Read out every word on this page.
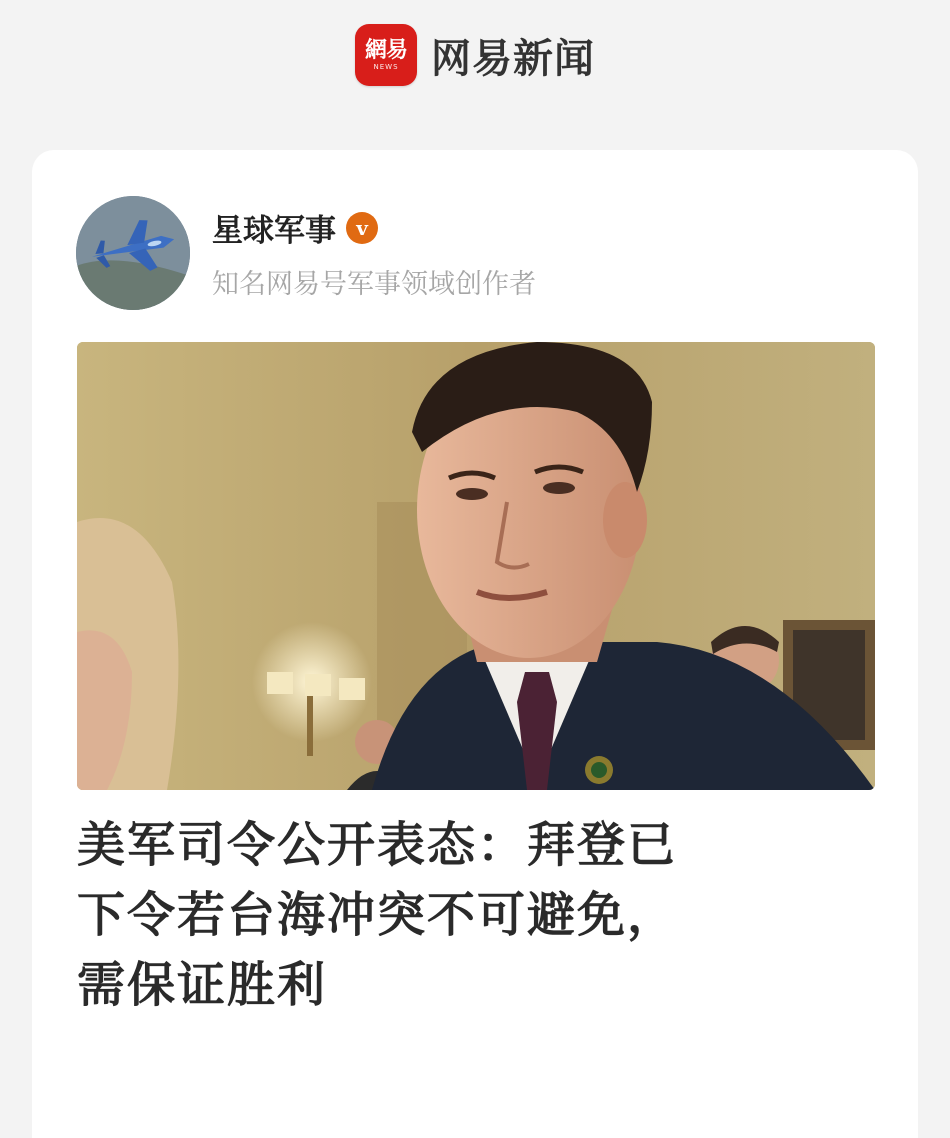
網易
NEWS 网易新闻
星球军事	v
知名网易号军事领域创作者
美军司令公开表态：拜登已
下令若台海冲突不可避免，
需保证胜利
